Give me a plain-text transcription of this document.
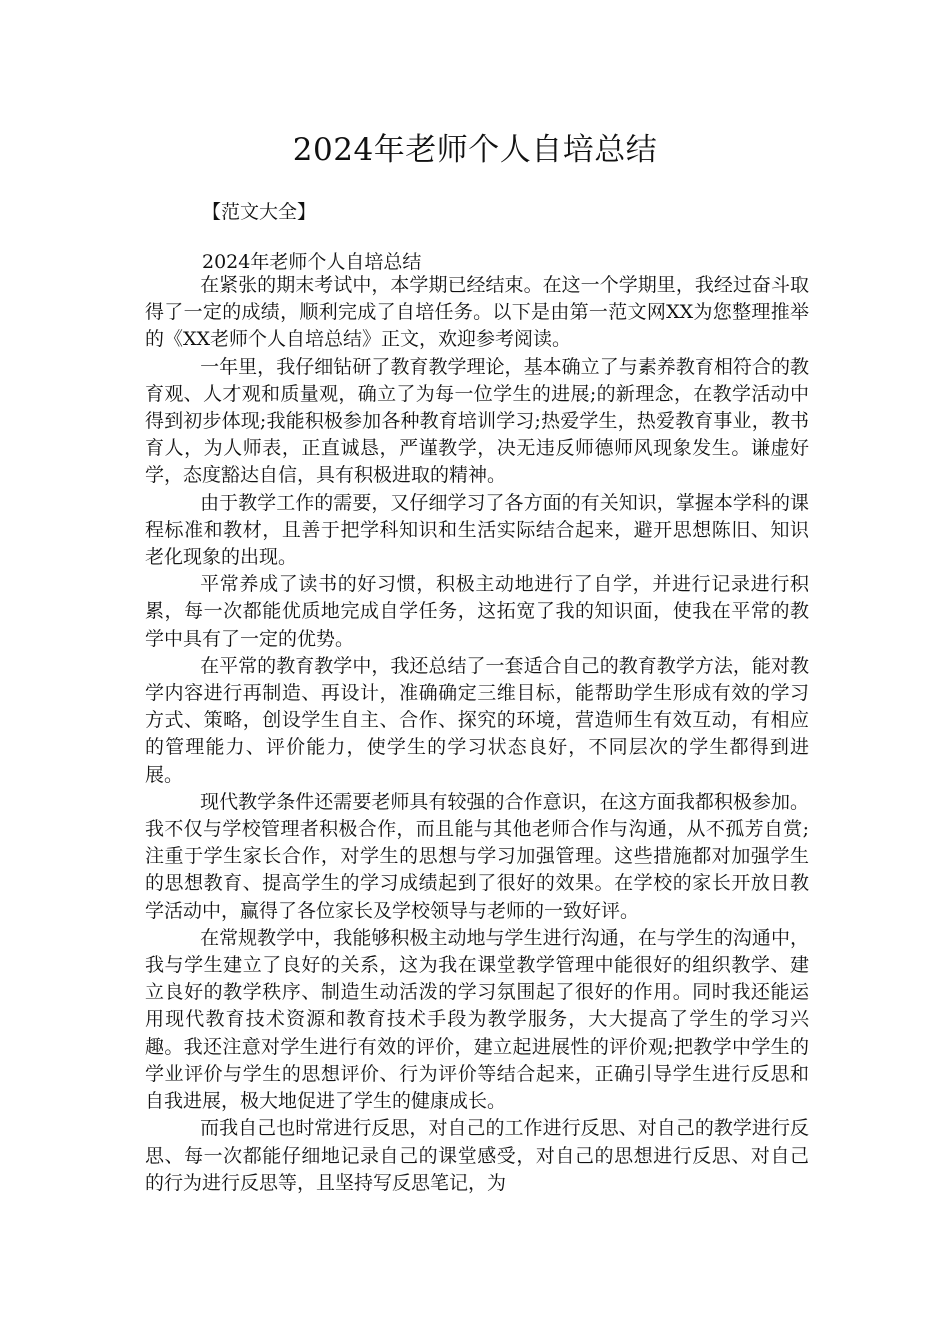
2024年老师个人自培总结
【范文大全】
2024年老师个人自培总结

在紧张的期末考试中，本学期已经结束。在这一个学期里，我经过奋斗取得了一定的成绩，顺利完成了自培任务。以下是由第一范文网XX为您整理推举的《XX老师个人自培总结》正文，欢迎参考阅读。

一年里，我仔细钻研了教育教学理论，基本确立了与素养教育相符合的教育观、人才观和质量观，确立了为每一位学生的进展;的新理念，在教学活动中得到初步体现;我能积极参加各种教育培训学习;热爱学生，热爱教育事业，教书育人，为人师表，正直诚恳，严谨教学，决无违反师德师风现象发生。谦虚好学，态度豁达自信，具有积极进取的精神。

由于教学工作的需要，又仔细学习了各方面的有关知识，掌握本学科的课程标准和教材，且善于把学科知识和生活实际结合起来，避开思想陈旧、知识老化现象的出现。

平常养成了读书的好习惯，积极主动地进行了自学，并进行记录进行积累，每一次都能优质地完成自学任务，这拓宽了我的知识面，使我在平常的教学中具有了一定的优势。

在平常的教育教学中，我还总结了一套适合自己的教育教学方法，能对教学内容进行再制造、再设计，准确确定三维目标，能帮助学生形成有效的学习方式、策略，创设学生自主、合作、探究的环境，营造师生有效互动，有相应的管理能力、评价能力，使学生的学习状态良好，不同层次的学生都得到进展。

现代教学条件还需要老师具有较强的合作意识，在这方面我都积极参加。我不仅与学校管理者积极合作，而且能与其他老师合作与沟通，从不孤芳自赏;注重于学生家长合作，对学生的思想与学习加强管理。这些措施都对加强学生的思想教育、提高学生的学习成绩起到了很好的效果。在学校的家长开放日教学活动中，赢得了各位家长及学校领导与老师的一致好评。

在常规教学中，我能够积极主动地与学生进行沟通，在与学生的沟通中，我与学生建立了良好的关系，这为我在课堂教学管理中能很好的组织教学、建立良好的教学秩序、制造生动活泼的学习氛围起了很好的作用。同时我还能运用现代教育技术资源和教育技术手段为教学服务，大大提高了学生的学习兴趣。我还注意对学生进行有效的评价，建立起进展性的评价观;把教学中学生的学业评价与学生的思想评价、行为评价等结合起来，正确引导学生进行反思和自我进展，极大地促进了学生的健康成长。

而我自己也时常进行反思，对自己的工作进行反思、对自己的教学进行反思、每一次都能仔细地记录自己的课堂感受，对自己的思想进行反思、对自己的行为进行反思等，且坚持写反思笔记，为
